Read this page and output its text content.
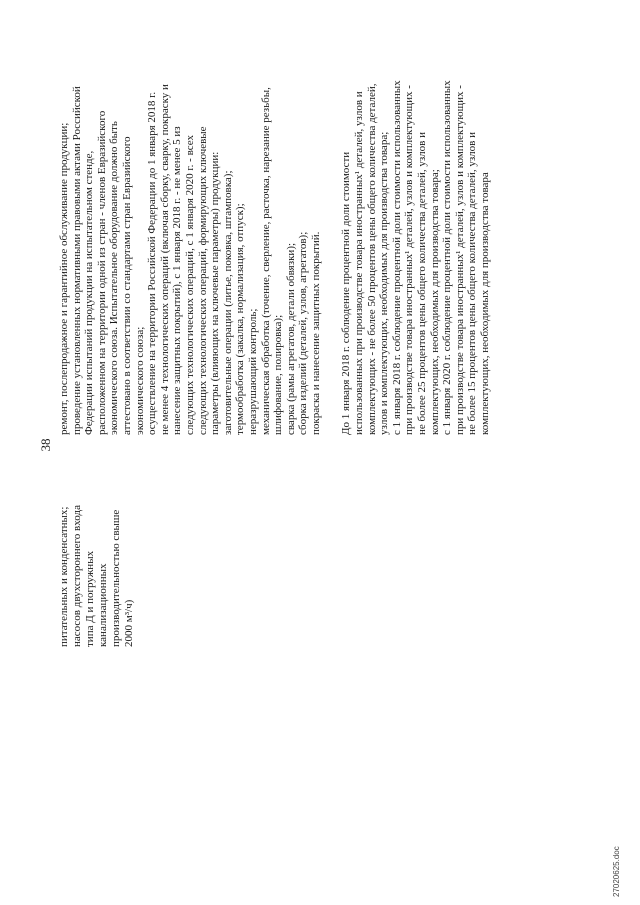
38
питательных и конденсатных; насосов двухстороннего входа типа Д и погружных канализационных производительностью свыше 2000 м³/ч)
ремонт, послепродажное и гарантийное обслуживание продукции; проведение установленных нормативными правовыми актами Российской Федерации испытаний продукции на испытательном стенде, расположенном на территории одной из стран - членов Евразийского экономического союза. Испытательное оборудование должно быть аттестовано в соответствии со стандартами стран Евразийского экономического союза; осуществление на территории Российской Федерации до 1 января 2018 г. не менее 4 технологических операций (включая сборку, сварку, покраску и нанесение защитных покрытий), с 1 января 2018 г. - не менее 5 из следующих технологических операций, с 1 января 2020 г. - всех следующих технологических операций, формирующих ключевые параметры (влияющих на ключевые параметры) продукции: заготовительные операции (литье, поковка, штамповка); термообработка (закалка, нормализация, отпуск); неразрушающий контроль; механическая обработка (точение, сверление, расточка, нарезание резьбы, шлифование, полировка); сварка (рамы агрегатов, детали обвязки); сборка изделий (деталей, узлов, агрегатов); покраска и нанесение защитных покрытий. До 1 января 2018 г. соблюдение процентной доли стоимости использованных при производстве товара иностранных¹ деталей, узлов и комплектующих - не более 50 процентов цены общего количества деталей, узлов и комплектующих, необходимых для производства товара; с 1 января 2018 г. соблюдение процентной доли стоимости использованных при производстве товара иностранных¹ деталей, узлов и комплектующих - не более 25 процентов цены общего количества деталей, узлов и комплектующих, необходимых для производства товара; с 1 января 2020 г. соблюдение процентной доли стоимости использованных при производстве товара иностранных¹ деталей, узлов и комплектующих - не более 15 процентов цены общего количества деталей, узлов и комплектующих, необходимых для производства товара
27020625.doc
